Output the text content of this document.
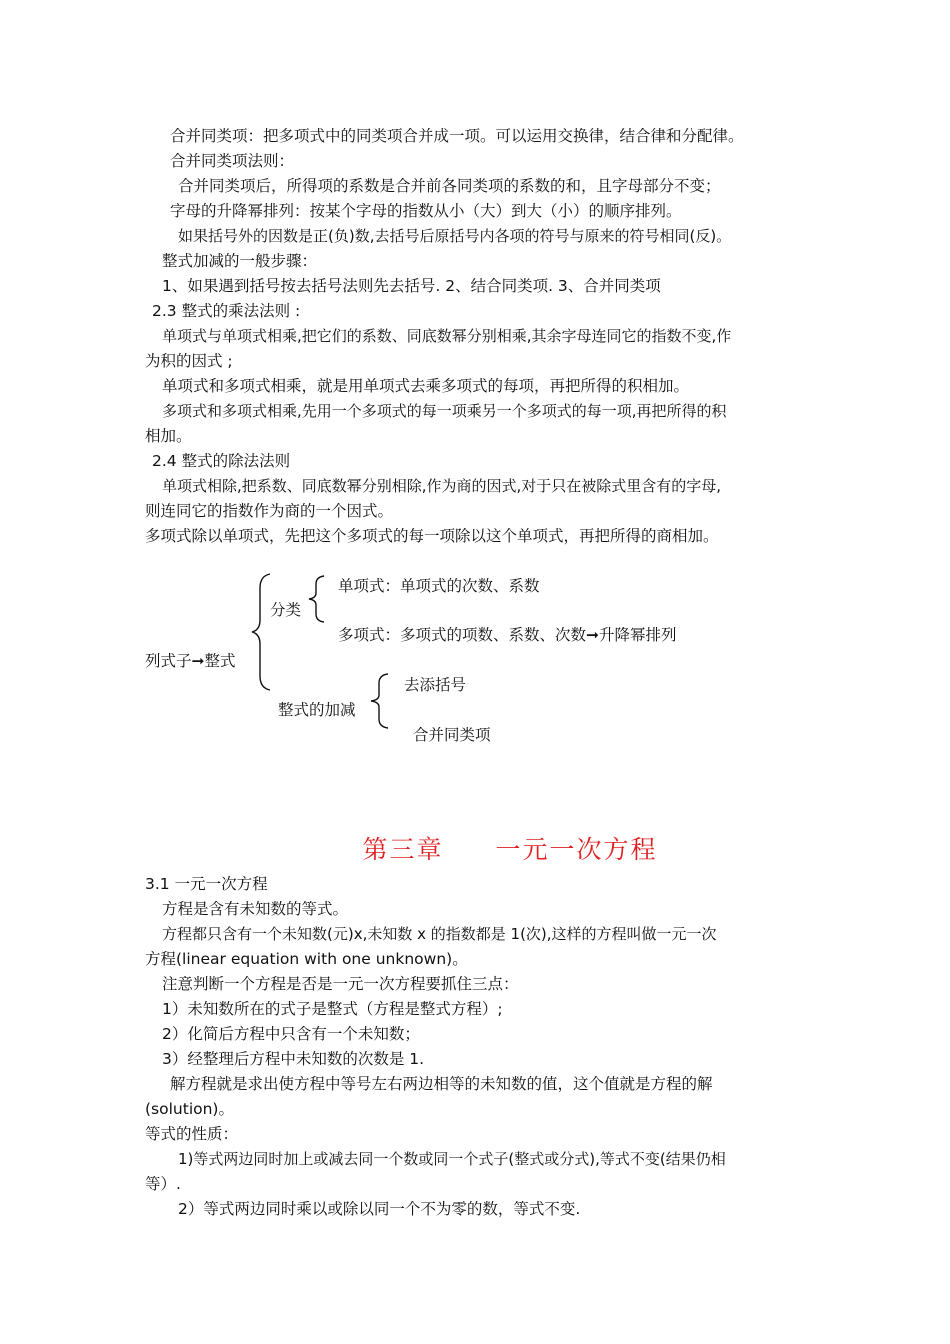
合并同类项：把多项式中的同类项合并成一项。可以运用交换律，结合律和分配律。
合并同类项法则：
合并同类项后，所得项的系数是合并前各同类项的系数的和，且字母部分不变；
字母的升降幂排列：按某个字母的指数从小（大）到大（小）的顺序排列。
如果括号外的因数是正(负)数,去括号后原括号内各项的符号与原来的符号相同(反)。
整式加减的一般步骤：
1、如果遇到括号按去括号法则先去括号. 2、结合同类项. 3、合并同类项
2.3 整式的乘法法则 :
单项式与单项式相乘,把它们的系数、同底数幂分别相乘,其余字母连同它的指数不变,作
为积的因式 ;
单项式和多项式相乘，就是用单项式去乘多项式的每项，再把所得的积相加。
多项式和多项式相乘,先用一个多项式的每一项乘另一个多项式的每一项,再把所得的积
相加。
2.4 整式的除法法则
单项式相除,把系数、同底数幂分别相除,作为商的因式,对于只在被除式里含有的字母,
则连同它的指数作为商的一个因式。
多项式除以单项式，先把这个多项式的每一项除以这个单项式，再把所得的商相加。
列式子➞整式
分类
单项式：单项式的次数、系数
多项式：多项式的项数、系数、次数➞升降幂排列
整式的加减
去添括号
合并同类项
第三章 一元一次方程
3.1 一元一次方程
方程是含有未知数的等式。
方程都只含有一个未知数(元)x,未知数 x 的指数都是 1(次),这样的方程叫做一元一次
方程(linear equation with one unknown)。
注意判断一个方程是否是一元一次方程要抓住三点：
1）未知数所在的式子是整式（方程是整式方程）;
2）化简后方程中只含有一个未知数；
3）经整理后方程中未知数的次数是 1.
解方程就是求出使方程中等号左右两边相等的未知数的值，这个值就是方程的解
(solution)。
等式的性质：
1)等式两边同时加上或减去同一个数或同一个式子(整式或分式),等式不变(结果仍相
等）.
2）等式两边同时乘以或除以同一个不为零的数，等式不变.
